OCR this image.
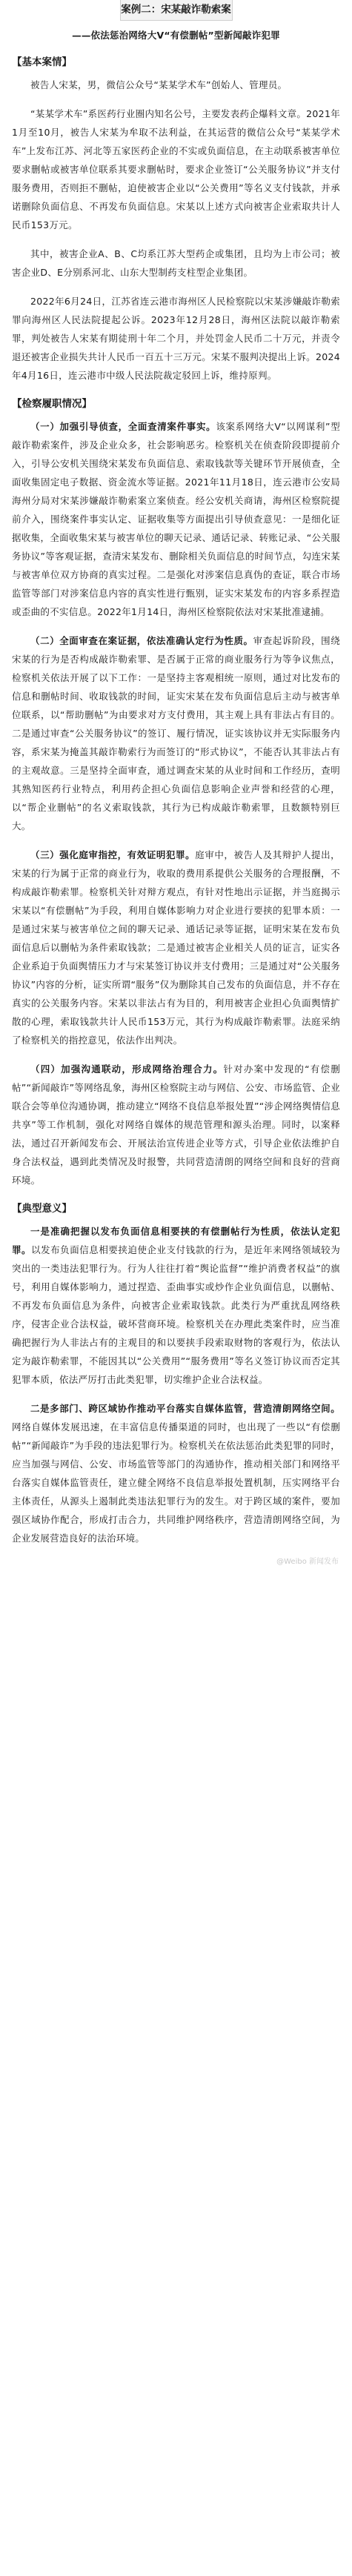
案例二：宋某敲诈勒索案
——依法惩治网络大V“有偿删帖”型新闻敲诈犯罪
【基本案情】

被告人宋某，男，微信公众号“某某学术车”创始人、管理员。

“某某学术车”系医药行业圈内知名公号，主要发表药企爆料文章。2021年1月至10月，被告人宋某为牟取不法利益，在其运营的微信公众号“某某学术车”上发布江苏、河北等五家医药企业的不实或负面信息，在主动联系被害单位要求删帖或被害单位联系其要求删帖时，要求企业签订“公关服务协议”并支付服务费用，否则拒不删帖，迫使被害企业以“公关费用”等名义支付钱款，并承诺删除负面信息、不再发布负面信息。宋某以上述方式向被害企业索取共计人民币153万元。

其中，被害企业A、B、C均系江苏大型药企或集团，且均为上市公司；被害企业D、E分别系河北、山东大型制药支柱型企业集团。

2022年6月24日，江苏省连云港市海州区人民检察院以宋某涉嫌敲诈勒索罪向海州区人民法院提起公诉。2023年12月28日，海州区法院以敲诈勒索罪，判处被告人宋某有期徒刑十年二个月，并处罚金人民币二十万元，并责令退还被害企业损失共计人民币一百五十三万元。宋某不服判决提出上诉。2024年4月16日，连云港市中级人民法院裁定驳回上诉，维持原判。

【检察履职情况】

（一）加强引导侦查，全面查清案件事实。该案系网络大V“以网谋利”型敲诈勒索案件，涉及企业众多，社会影响恶劣。检察机关在侦查阶段即提前介入，引导公安机关围绕宋某发布负面信息、索取钱款等关键环节开展侦查，全面收集固定电子数据、资金流水等证据。2021年11月18日，连云港市公安局海州分局对宋某涉嫌敲诈勒索案立案侦查。经公安机关商请，海州区检察院提前介入，围绕案件事实认定、证据收集等方面提出引导侦查意见：一是细化证据收集，全面收集宋某与被害单位的聊天记录、通话记录、转账记录、“公关服务协议”等客观证据，查清宋某发布、删除相关负面信息的时间节点，勾连宋某与被害单位双方协商的真实过程。二是强化对涉案信息真伪的查证，联合市场监管等部门对涉案信息内容的真实性进行甄别，证实宋某发布的内容多系捏造或歪曲的不实信息。2022年1月14日，海州区检察院依法对宋某批准逮捕。

（二）全面审查在案证据，依法准确认定行为性质。审查起诉阶段，围绕宋某的行为是否构成敲诈勒索罪、是否属于正常的商业服务行为等争议焦点，检察机关依法开展了以下工作：一是坚持主客观相统一原则，通过对比发布的信息和删帖时间、收取钱款的时间，证实宋某在发布负面信息后主动与被害单位联系，以“帮助删帖”为由要求对方支付费用，其主观上具有非法占有目的。二是通过审查“公关服务协议”的签订、履行情况，证实该协议并无实际服务内容，系宋某为掩盖其敲诈勒索行为而签订的“形式协议”，不能否认其非法占有的主观故意。三是坚持全面审查，通过调查宋某的从业时间和工作经历，查明其熟知医药行业特点，利用药企担心负面信息影响企业声誉和经营的心理，以“帮企业删帖”的名义索取钱款，其行为已构成敲诈勒索罪，且数额特别巨大。

（三）强化庭审指控，有效证明犯罪。庭审中，被告人及其辩护人提出，宋某的行为属于正常的商业行为，收取的费用系提供公关服务的合理报酬，不构成敲诈勒索罪。检察机关针对辩方观点，有针对性地出示证据，并当庭揭示宋某以“有偿删帖”为手段，利用自媒体影响力对企业进行要挟的犯罪本质：一是通过宋某与被害单位之间的聊天记录、通话记录等证据，证明宋某在发布负面信息后以删帖为条件索取钱款；二是通过被害企业相关人员的证言，证实各企业系迫于负面舆情压力才与宋某签订协议并支付费用；三是通过对“公关服务协议”内容的分析，证实所谓“服务”仅为删除其自己发布的负面信息，并不存在真实的公关服务内容。宋某以非法占有为目的，利用被害企业担心负面舆情扩散的心理，索取钱款共计人民币153万元，其行为构成敲诈勒索罪。法庭采纳了检察机关的指控意见，依法作出判决。

（四）加强沟通联动，形成网络治理合力。针对办案中发现的“有偿删帖”“新闻敲诈”等网络乱象，海州区检察院主动与网信、公安、市场监管、企业联合会等单位沟通协调，推动建立“网络不良信息举报处置”“涉企网络舆情信息共享”等工作机制，强化对网络自媒体的规范管理和源头治理。同时，以案释法，通过召开新闻发布会、开展法治宣传进企业等方式，引导企业依法维护自身合法权益，遇到此类情况及时报警，共同营造清朗的网络空间和良好的营商环境。

【典型意义】

一是准确把握以发布负面信息相要挟的有偿删帖行为性质，依法认定犯罪。以发布负面信息相要挟迫使企业支付钱款的行为，是近年来网络领域较为突出的一类违法犯罪行为。行为人往往打着“舆论监督”“维护消费者权益”的旗号，利用自媒体影响力，通过捏造、歪曲事实或炒作企业负面信息，以删帖、不再发布负面信息为条件，向被害企业索取钱款。此类行为严重扰乱网络秩序，侵害企业合法权益，破坏营商环境。检察机关在办理此类案件时，应当准确把握行为人非法占有的主观目的和以要挟手段索取财物的客观行为，依法认定为敲诈勒索罪，不能因其以“公关费用”“服务费用”等名义签订协议而否定其犯罪本质，依法严厉打击此类犯罪，切实维护企业合法权益。

二是多部门、跨区域协作推动平台落实自媒体监管，营造清朗网络空间。网络自媒体发展迅速，在丰富信息传播渠道的同时，也出现了一些以“有偿删帖”“新闻敲诈”为手段的违法犯罪行为。检察机关在依法惩治此类犯罪的同时，应当加强与网信、公安、市场监管等部门的沟通协作，推动相关部门和网络平台落实自媒体监管责任，建立健全网络不良信息举报处置机制，压实网络平台主体责任，从源头上遏制此类违法犯罪行为的发生。对于跨区域的案件，要加强区域协作配合，形成打击合力，共同维护网络秩序，营造清朗网络空间，为企业发展营造良好的法治环境。

@Weibo 新闻发布
